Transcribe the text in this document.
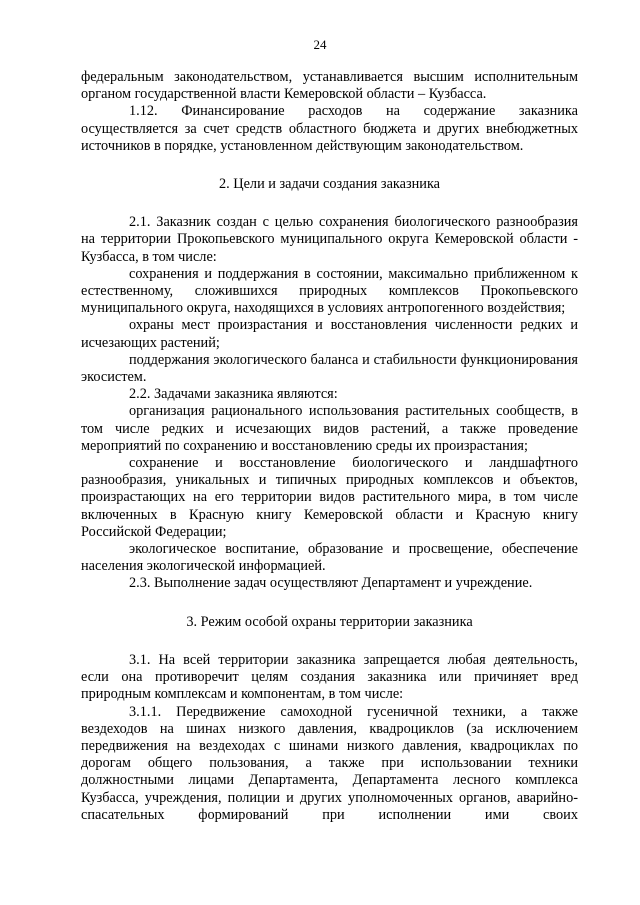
24

федеральным законодательством, устанавливается высшим исполнительным органом государственной власти Кемеровской области – Кузбасса.

1.12. Финансирование расходов на содержание заказника осуществляется за счет средств областного бюджета и других внебюджетных источников в порядке, установленном действующим законодательством.

2. Цели и задачи создания заказника

2.1. Заказник создан с целью сохранения биологического разнообразия на территории Прокопьевского муниципального округа Кемеровской области - Кузбасса, в том числе:

сохранения и поддержания в состоянии, максимально приближенном к естественному, сложившихся природных комплексов Прокопьевского муниципального округа, находящихся в условиях антропогенного воздействия;

охраны мест произрастания и восстановления численности редких и исчезающих растений;

поддержания экологического баланса и стабильности функционирования экосистем.

2.2. Задачами заказника являются:

организация рационального использования растительных сообществ, в том числе редких и исчезающих видов растений, а также проведение мероприятий по сохранению и восстановлению среды их произрастания;

сохранение и восстановление биологического и ландшафтного разнообразия, уникальных и типичных природных комплексов и объектов, произрастающих на его территории видов растительного мира, в том числе включенных в Красную книгу Кемеровской области и Красную книгу Российской Федерации;

экологическое воспитание, образование и просвещение, обеспечение населения экологической информацией.

2.3. Выполнение задач осуществляют Департамент и учреждение.

3. Режим особой охраны территории заказника

3.1. На всей территории заказника запрещается любая деятельность, если она противоречит целям создания заказника или причиняет вред природным комплексам и компонентам, в том числе:

3.1.1. Передвижение самоходной гусеничной техники, а также вездеходов на шинах низкого давления, квадроциклов (за исключением передвижения на вездеходах с шинами низкого давления, квадроциклах по дорогам общего пользования, а также при использовании техники должностными лицами Департамента, Департамента лесного комплекса Кузбасса, учреждения, полиции и других уполномоченных органов, аварийно-спасательных формирований при исполнении ими своих
